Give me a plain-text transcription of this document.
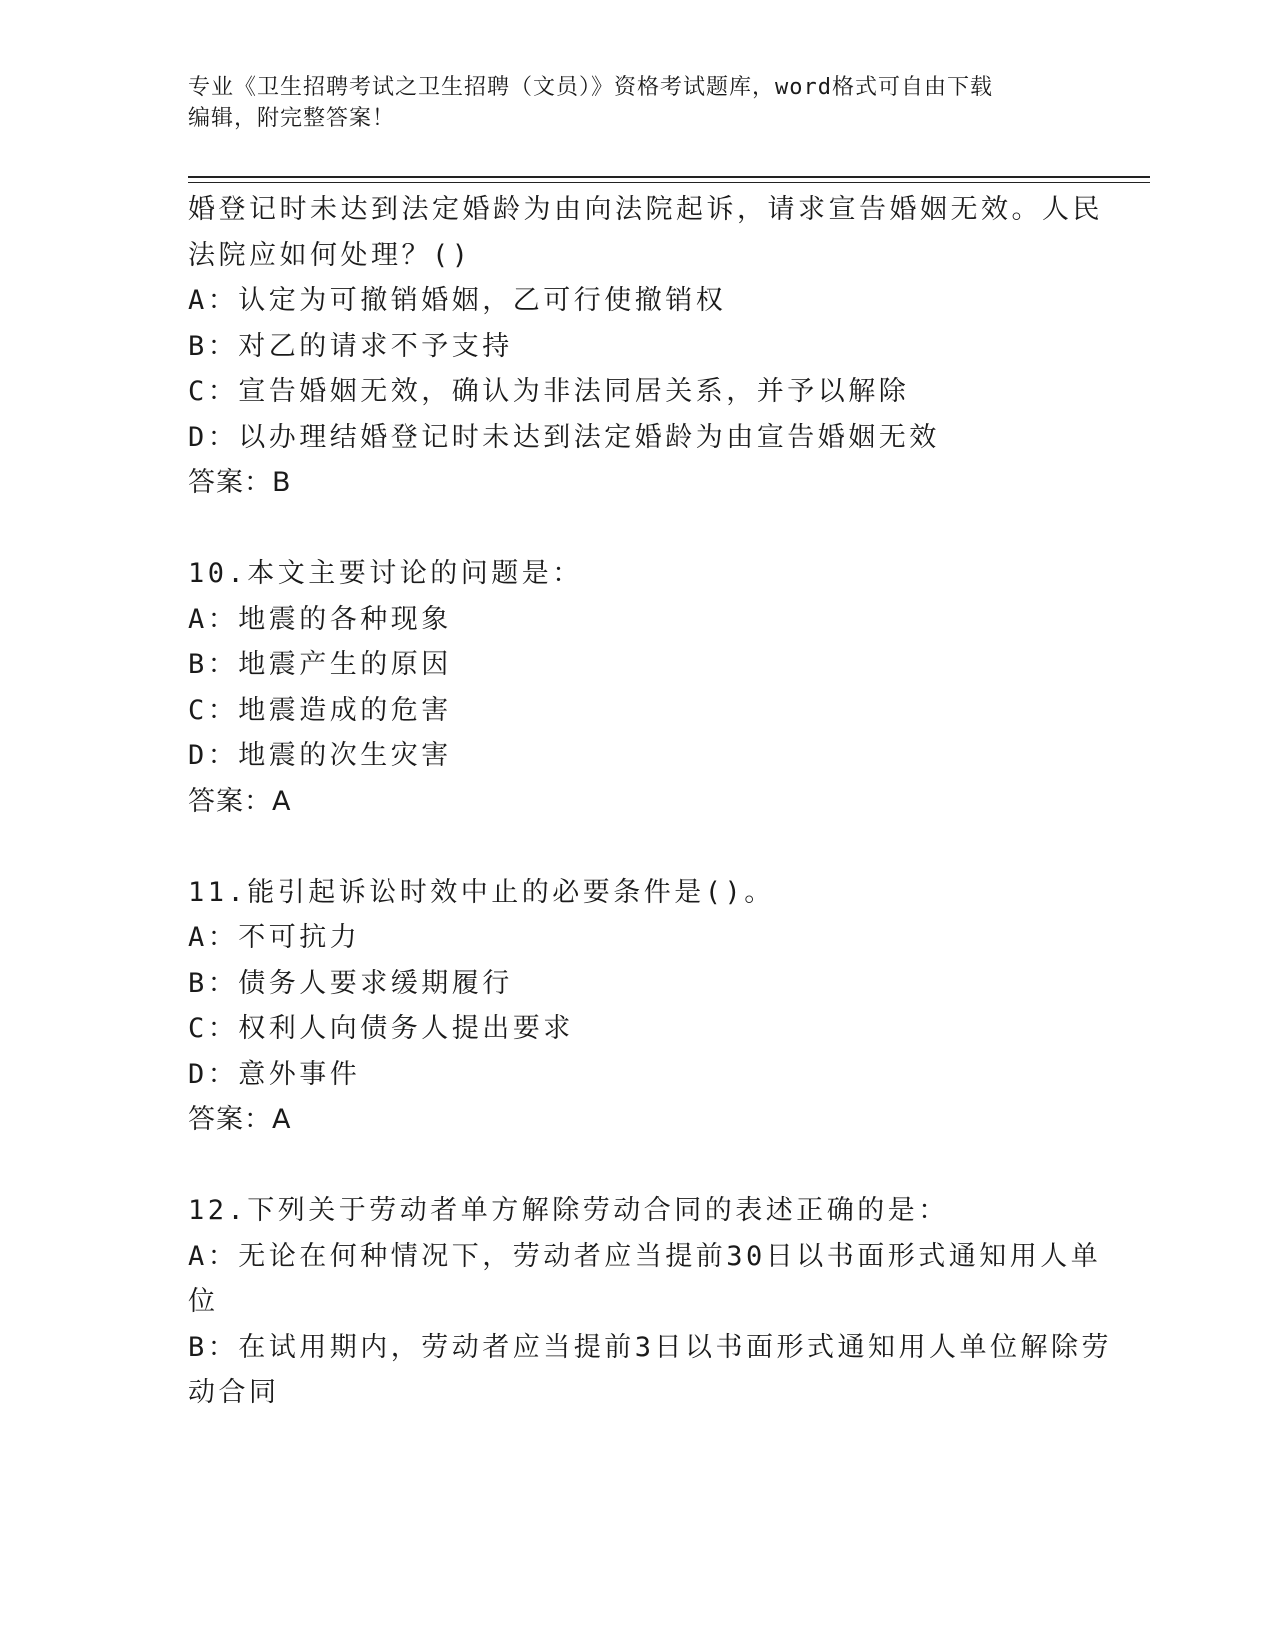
专业《卫生招聘考试之卫生招聘（文员）》资格考试题库，word格式可自由下载
编辑，附完整答案！
婚登记时未达到法定婚龄为由向法院起诉，请求宣告婚姻无效。人民
法院应如何处理？()
A：认定为可撤销婚姻，乙可行使撤销权
B：对乙的请求不予支持
C：宣告婚姻无效，确认为非法同居关系，并予以解除
D：以办理结婚登记时未达到法定婚龄为由宣告婚姻无效
答案：B
10.本文主要讨论的问题是：
A：地震的各种现象
B：地震产生的原因
C：地震造成的危害
D：地震的次生灾害
答案：A
11.能引起诉讼时效中止的必要条件是()。
A：不可抗力
B：债务人要求缓期履行
C：权利人向债务人提出要求
D：意外事件
答案：A
12.下列关于劳动者单方解除劳动合同的表述正确的是：
A：无论在何种情况下，劳动者应当提前30日以书面形式通知用人单
位
B：在试用期内，劳动者应当提前3日以书面形式通知用人单位解除劳
动合同
